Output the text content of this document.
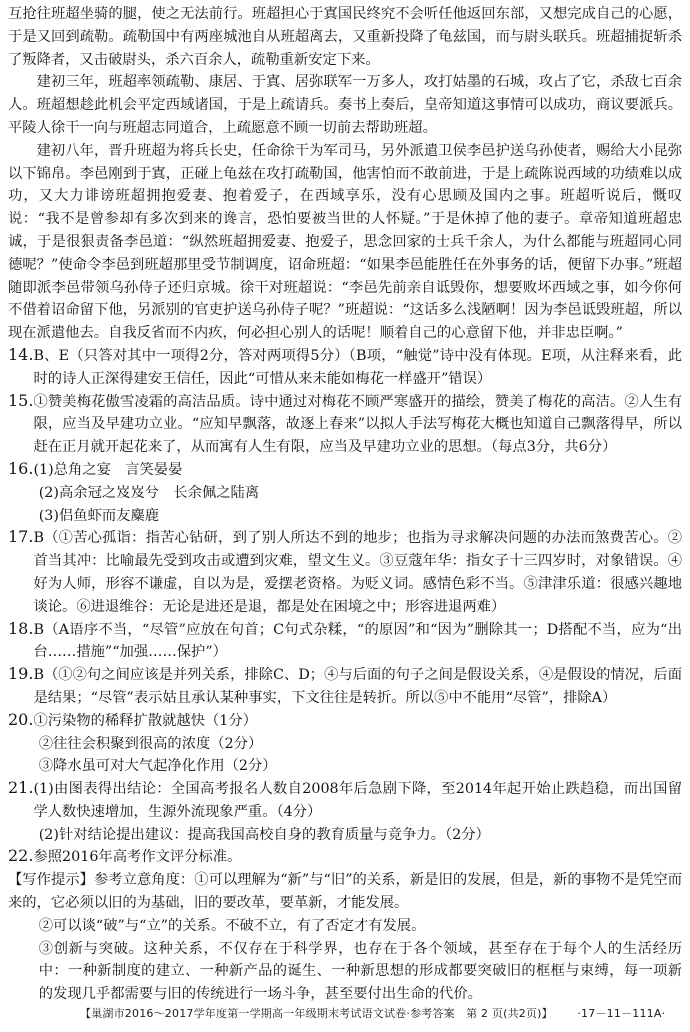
互抢往班超坐骑的腿，使之无法前行。班超担心于寘国民终究不会听任他返回东部，又想完成自己的心愿，于是又回到疏勒。疏勒国中有两座城池自从班超离去，又重新投降了龟兹国，而与尉头联兵。班超捕捉斩杀了叛降者，又击破尉头，杀六百余人，疏勒重新安定下来。

建初三年，班超率领疏勒、康居、于寘、居弥联军一万多人，攻打姑墨的石城，攻占了它，杀敌七百余人。班超想趁此机会平定西域诸国，于是上疏请兵。奏书上奏后，皇帝知道这事情可以成功，商议要派兵。平陵人徐干一向与班超志同道合，上疏愿意不顾一切前去帮助班超。

建初八年，晋升班超为将兵长史，任命徐干为军司马，另外派遣卫侯李邑护送乌孙使者，赐给大小昆弥以下锦帛。李邑刚到于寘，正碰上龟兹在攻打疏勒国，他害怕而不敢前进，于是上疏陈说西域的功绩难以成功，又大力诽谤班超拥抱爱妻、抱着爱子，在西域享乐，没有心思顾及国内之事。班超听说后，慨叹说：“我不是曾参却有多次到来的谗言，恐怕要被当世的人怀疑。”于是休掉了他的妻子。章帝知道班超忠诚，于是很狠责备李邑道：“纵然班超拥爱妻、抱爱子，思念回家的士兵千余人，为什么都能与班超同心同德呢？”使命令李邑到班超那里受节制调度，诏命班超：“如果李邑能胜任在外事务的话，便留下办事。”班超随即派李邑带领乌孙侍子还归京城。徐干对班超说：“李邑先前亲自诋毁你，想要败坏西域之事，如今你何不借着诏命留下他，另派别的官吏护送乌孙侍子呢？”班超说：“这话多么浅陋啊！因为李邑诋毁班超，所以现在派遣他去。自我反省而不内疚，何必担心别人的话呢！顺着自己的心意留下他，并非忠臣啊。”

14. B、E（只答对其中一项得2分，答对两项得5分）（B项，“触觉”诗中没有体现。E项，从注释来看，此时的诗人正深得建安王信任，因此“可惜从来未能如梅花一样盛开”错误）

15. ①赞美梅花傲雪凌霜的高洁品质。诗中通过对梅花不顾严寒盛开的描绘，赞美了梅花的高洁。②人生有限，应当及早建功立业。“应知早飘落，故逐上春来”以拟人手法写梅花大概也知道自己飘落得早，所以赶在正月就开起花来了，从而寓有人生有限，应当及早建功立业的思想。（每点3分，共6分）

16. (1)总角之宴　言笑晏晏

(2)高余冠之岌岌兮　长余佩之陆离

(3)侣鱼虾而友麋鹿

17. B（①苦心孤诣：指苦心钻研，到了别人所达不到的地步；也指为寻求解决问题的办法而煞费苦心。②首当其冲：比喻最先受到攻击或遭到灾难，望文生义。③豆蔻年华：指女子十三四岁时，对象错误。④好为人师，形容不谦虚，自以为是，爱摆老资格。为贬义词。感情色彩不当。⑤津津乐道：很感兴趣地谈论。⑥进退维谷：无论是进还是退，都是处在困境之中；形容进退两难）

18. B（A语序不当，“尽管”应放在句首；C句式杂糅，“的原因”和“因为”删除其一；D搭配不当，应为“出台……措施”“加强……保护”）

19. B（①②句之间应该是并列关系，排除C、D；④与后面的句子之间是假设关系，④是假设的情况，后面是结果；“尽管”表示姑且承认某种事实，下文往往是转折。所以⑤中不能用“尽管”，排除A）

20. ①污染物的稀释扩散就越快（1分）

②往往会积聚到很高的浓度（2分）

③降水虽可对大气起净化作用（2分）

21. (1)由图表得出结论：全国高考报名人数自2008年后急剧下降，至2014年起开始止跌趋稳，而出国留学人数快速增加，生源外流现象严重。（4分）

(2)针对结论提出建议：提高我国高校自身的教育质量与竞争力。（2分）

22. 参照2016年高考作文评分标准。

【写作提示】参考立意角度：①可以理解为“新”与“旧”的关系，新是旧的发展，但是，新的事物不是凭空而来的，它必须以旧的为基础，旧的要改革，要革新，才能发展。

②可以谈“破”与“立”的关系。不破不立，有了否定才有发展。

③创新与突破。这种关系，不仅存在于科学界，也存在于各个领域，甚至存在于每个人的生活经历中：一种新制度的建立、一种新产品的诞生、一种新思想的形成都要突破旧的框框与束缚，每一项新的发现几乎都需要与旧的传统进行一场斗争，甚至要付出生命的代价。

【巢湖市2016～2017学年度第一学期高一年级期末考试语文试卷·参考答案　第 2 页(共2页)】	·17－11－111A·
